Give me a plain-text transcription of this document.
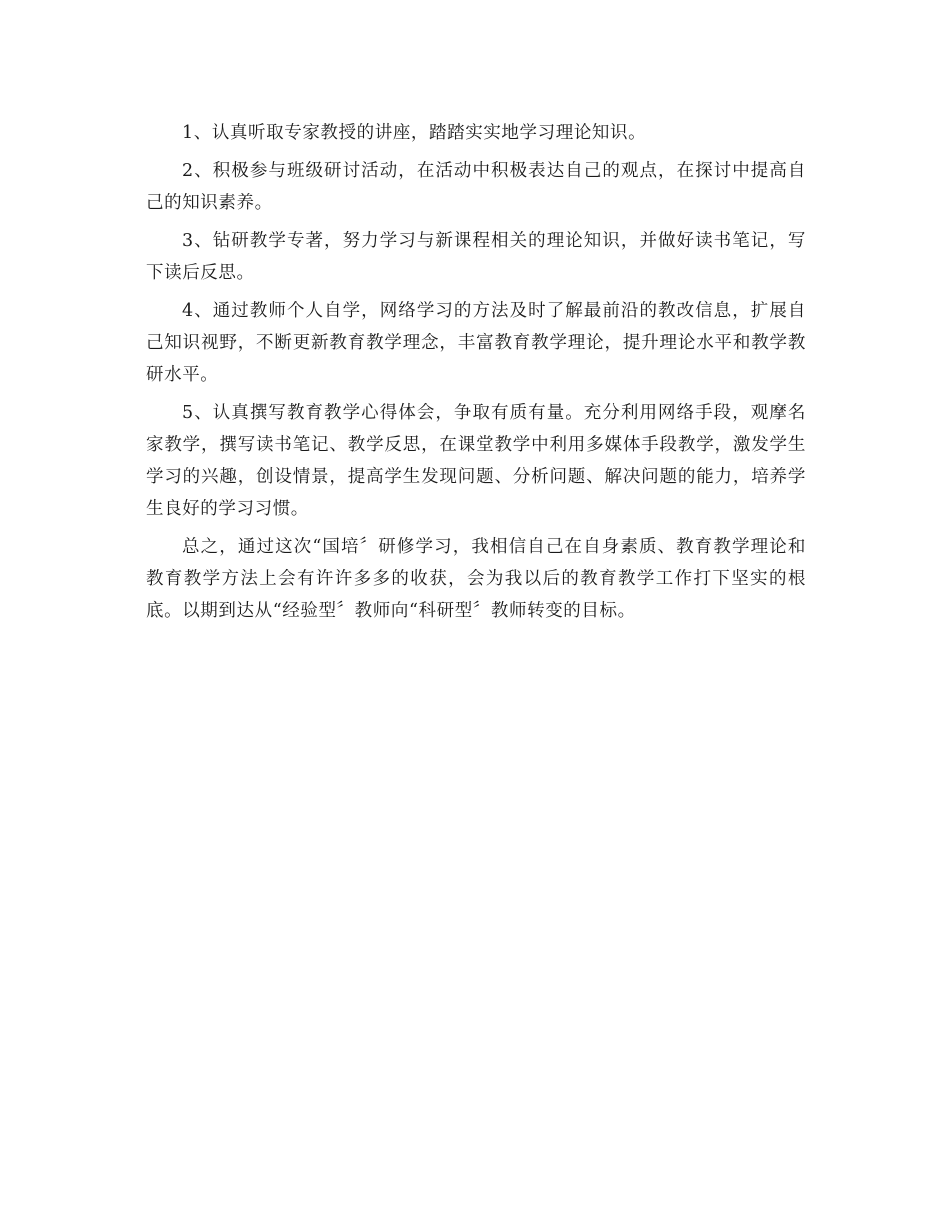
1、认真听取专家教授的讲座，踏踏实实地学习理论知识。

2、积极参与班级研讨活动，在活动中积极表达自己的观点，在探讨中提高自己的知识素养。

3、钻研教学专著，努力学习与新课程相关的理论知识，并做好读书笔记，写下读后反思。

4、通过教师个人自学，网络学习的方法及时了解最前沿的教改信息，扩展自己知识视野，不断更新教育教学理念，丰富教育教学理论，提升理论水平和教学教研水平。

5、认真撰写教育教学心得体会，争取有质有量。充分利用网络手段，观摩名家教学，撰写读书笔记、教学反思，在课堂教学中利用多媒体手段教学，激发学生学习的兴趣，创设情景，提高学生发现问题、分析问题、解决问题的能力，培养学生良好的学习习惯。

总之，通过这次“国培〞研修学习，我相信自己在自身素质、教育教学理论和教育教学方法上会有许许多多的收获，会为我以后的教育教学工作打下坚实的根底。以期到达从“经验型〞教师向“科研型〞教师转变的目标。
